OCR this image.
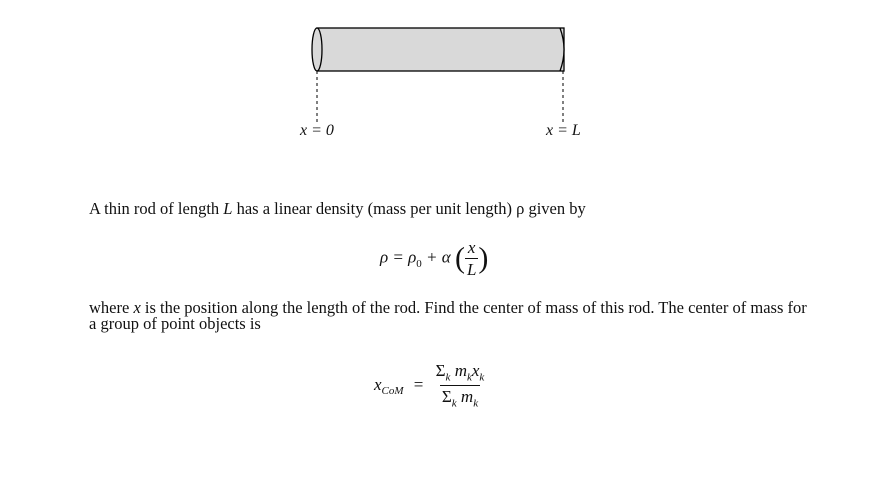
x = 0	x = L
A thin rod of length L has a linear density (mass per unit length) ρ given by
$\rho = \rho_0 + \alpha$ ( $\frac{x}{L}$ )
where x is the position along the length of the rod. Find the center of mass of this rod. The center of mass for a group of point objects is
$x_{CoM} = \frac{\Sigma_k m_kx_k}{\Sigma_k m_k}$
